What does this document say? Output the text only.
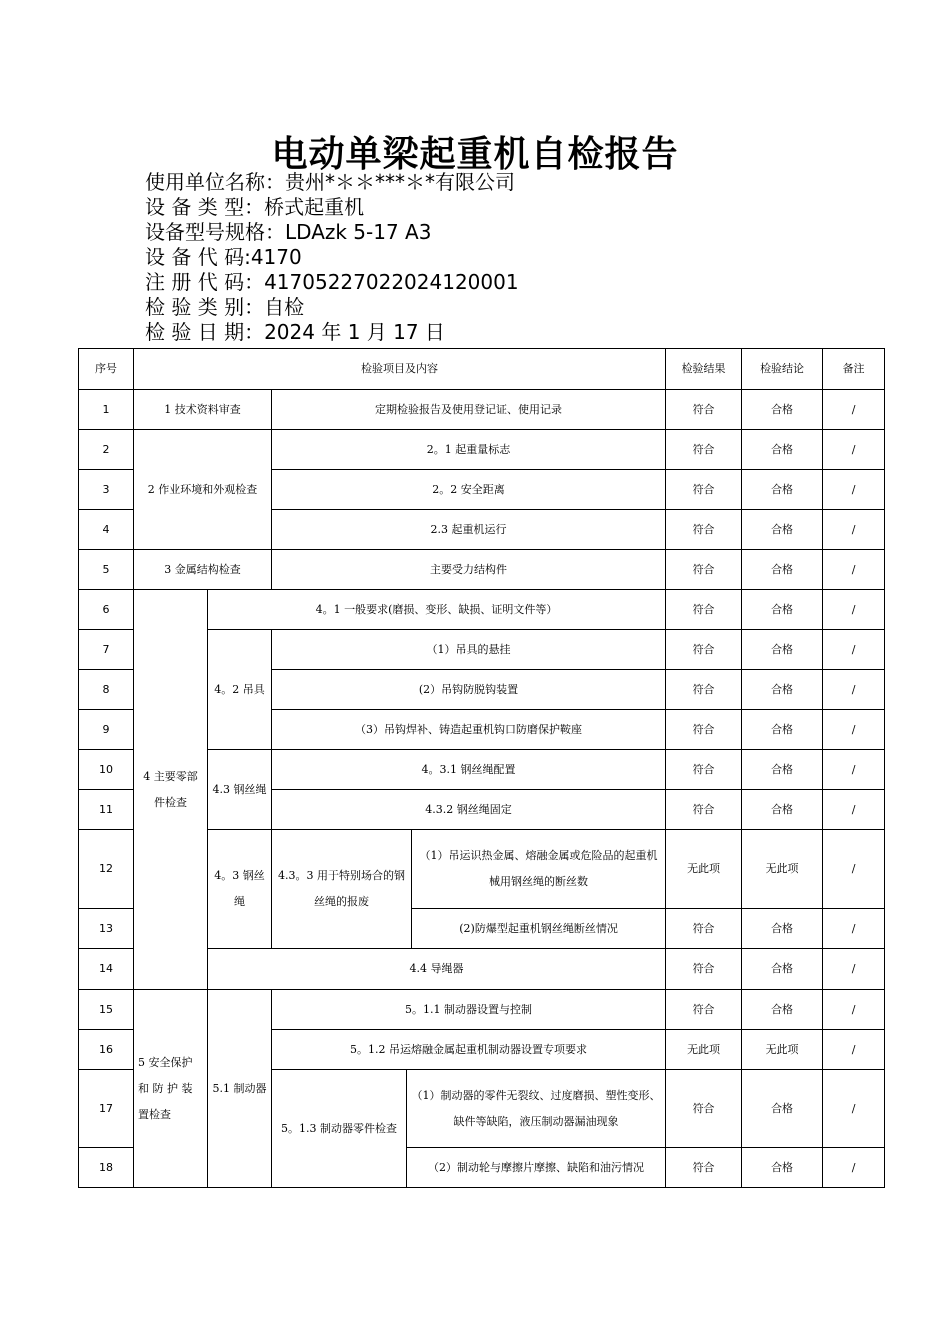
电动单梁起重机自检报告
使用单位名称：贵州*＊＊***＊*有限公司
设 备 类 型：桥式起重机
设备型号规格：LDAzk 5-17 A3
设 备 代 码:4170
注 册 代 码：41705227022024120001
检 验 类 别：自检
检 验 日 期：2024 年 1 月 17 日
序号	检验项目及内容					检验结果	检验结论	备注
1	1 技术资料审查		定期检验报告及使用登记证、使用记录			符合	合格	/
2	2 作业环境和外观检查		2。1 起重量标志			符合	合格	/
3			2。2 安全距离			符合	合格	/
4			2.3 起重机运行			符合	合格	/
5	3 金属结构检查		主要受力结构件			符合	合格	/
6	4 主要零部件检查	4。1 一般要求(磨损、变形、缺损、证明文件等）				符合	合格	/
7		4。2 吊具	（1）吊具的悬挂			符合	合格	/
8			(2）吊钩防脱钩装置			符合	合格	/
9			（3）吊钩焊补、铸造起重机钩口防磨保护鞍座			符合	合格	/
10		4.3 钢丝绳	4。3.1 钢丝绳配置			符合	合格	/
11			4.3.2 钢丝绳固定			符合	合格	/
12		4。3 钢丝绳	4.3。3 用于特别场合的钢丝绳的报废		（1）吊运识热金属、熔融金属或危险品的起重机械用钢丝绳的断丝数	无此项	无此项	/
13					(2)防爆型起重机钢丝绳断丝情况	符合	合格	/
14		4.4 导绳器				符合	合格	/
15	5 安全保护和 防 护 装置检查	5.1 制动器	5。1.1 制动器设置与控制			符合	合格	/
16			5。1.2 吊运熔融金属起重机制动器设置专项要求			无此项	无此项	/
17			5。1.3 制动器零件检查	（1）制动器的零件无裂纹、过度磨损、塑性变形、缺件等缺陷，液压制动器漏油现象		符合	合格	/
18				（2）制动轮与摩擦片摩擦、缺陷和油污情况		符合	合格	/
